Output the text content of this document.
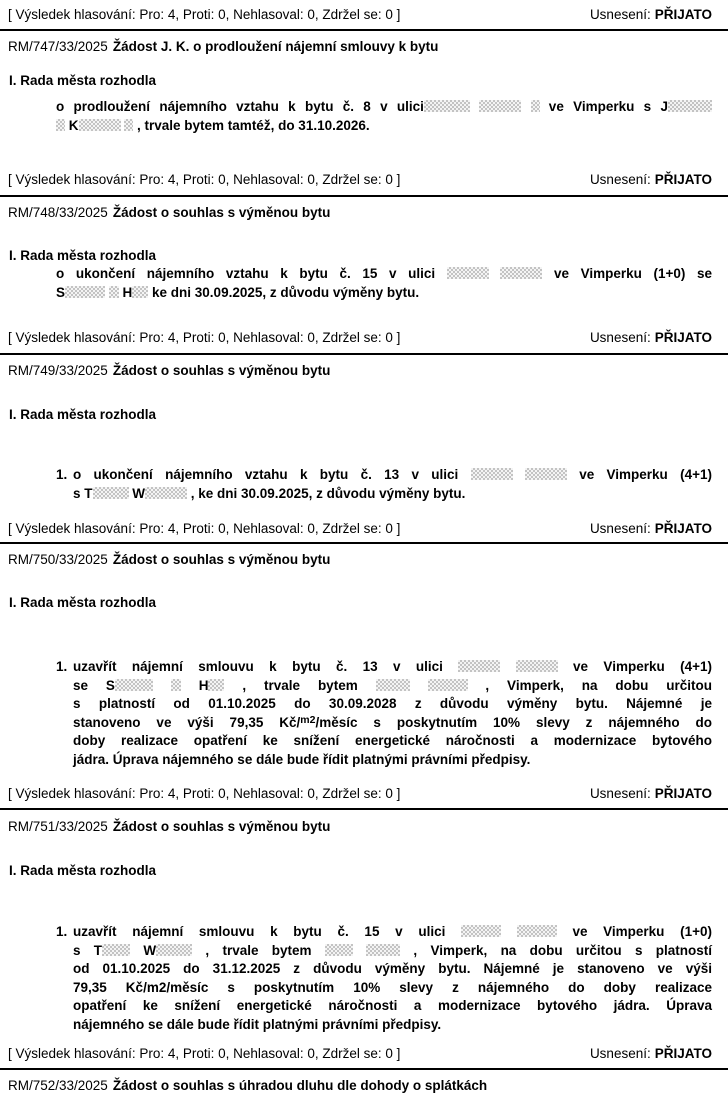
[ Výsledek hlasování: Pro: 4, Proti: 0, Nehlasoval: 0, Zdržel se: 0 ]	Usnesení: PŘIJATO
RM/747/33/2025 Žádost J. K. o prodloužení nájemní smlouvy k bytu
I. Rada města rozhodla
o prodloužení nájemního vztahu k bytu č. 8 v ulici	ve Vimperku s J
K	, trvale bytem tamtéž, do 31.10.2026.
[ Výsledek hlasování: Pro: 4, Proti: 0, Nehlasoval: 0, Zdržel se: 0 ]	Usnesení: PŘIJATO
RM/748/33/2025 Žádost o souhlas s výměnou bytu
I. Rada města rozhodla
o ukončení nájemního vztahu k bytu č. 15 v ulici	ve Vimperku (1+0) se
S	H ke dni 30.09.2025, z důvodu výměny bytu.
[ Výsledek hlasování: Pro: 4, Proti: 0, Nehlasoval: 0, Zdržel se: 0 ]	Usnesení: PŘIJATO
RM/749/33/2025 Žádost o souhlas s výměnou bytu
I. Rada města rozhodla
1. o ukončení nájemního vztahu k bytu č. 13 v ulici	ve Vimperku (4+1)
s T	W	, ke dni 30.09.2025, z důvodu výměny bytu.
[ Výsledek hlasování: Pro: 4, Proti: 0, Nehlasoval: 0, Zdržel se: 0 ]	Usnesení: PŘIJATO
RM/750/33/2025 Žádost o souhlas s výměnou bytu
I. Rada města rozhodla
1. uzavřít nájemní smlouvu k bytu č. 13 v ulici	ve Vimperku (4+1)
se S	H , trvale bytem	, Vimperk, na dobu určitou
s platností od 01.10.2025 do 30.09.2028 z důvodu výměny bytu. Nájemné je
stanoveno ve výši 79,35 Kč/$^{m2}$/měsíc s poskytnutím 10% slevy z nájemného do
doby realizace opatření ke snížení energetické náročnosti a modernizace bytového
jádra. Úprava nájemného se dále bude řídit platnými právními předpisy.
[ Výsledek hlasování: Pro: 4, Proti: 0, Nehlasoval: 0, Zdržel se: 0 ]	Usnesení: PŘIJATO
RM/751/33/2025 Žádost o souhlas s výměnou bytu
I. Rada města rozhodla
1. uzavřít nájemní smlouvu k bytu č. 15 v ulici	ve Vimperku (1+0)
s T W	, trvale bytem	, Vimperk, na dobu určitou s platností
od 01.10.2025 do 31.12.2025 z důvodu výměny bytu. Nájemné je stanoveno ve výši
79,35 Kč/m2/měsíc s poskytnutím 10% slevy z nájemného do doby realizace
opatření ke snížení energetické náročnosti a modernizace bytového jádra. Úprava
nájemného se dále bude řídit platnými právními předpisy.
[ Výsledek hlasování: Pro: 4, Proti: 0, Nehlasoval: 0, Zdržel se: 0 ]	Usnesení: PŘIJATO
RM/752/33/2025 Žádost o souhlas s úhradou dluhu dle dohody o splátkách
